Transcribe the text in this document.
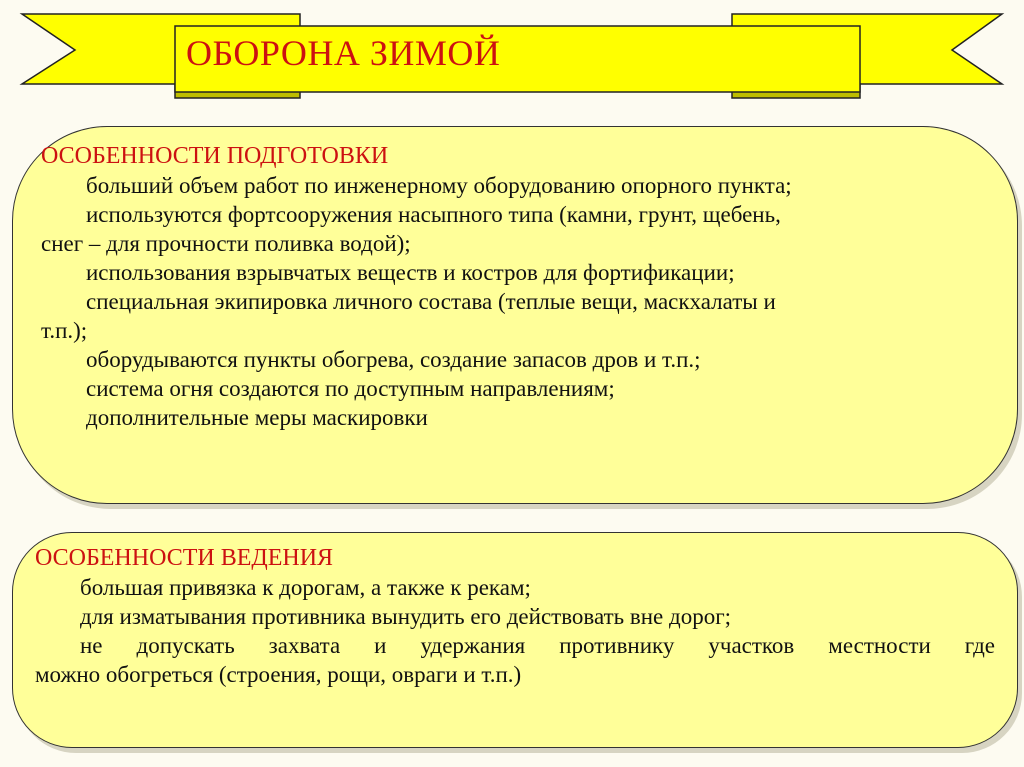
ОБОРОНА ЗИМОЙ
ОСОБЕННОСТИ ПОДГОТОВКИ
больший объем работ по инженерному оборудованию опорного пункта;
используются фортсооружения насыпного типа (камни, грунт, щебень,
снег – для прочности поливка водой);
использования взрывчатых веществ и костров для фортификации;
специальная экипировка личного состава (теплые вещи, маскхалаты и
т.п.);
оборудываются пункты обогрева, создание запасов дров и т.п.;
система огня создаются по доступным направлениям;
дополнительные меры маскировки
ОСОБЕННОСТИ ВЕДЕНИЯ
большая привязка к дорогам, а также к рекам;
для изматывания противника вынудить его действовать вне дорог;
не допускать захвата и удержания противнику участков местности где
можно обогреться (строения, рощи, овраги и т.п.)
